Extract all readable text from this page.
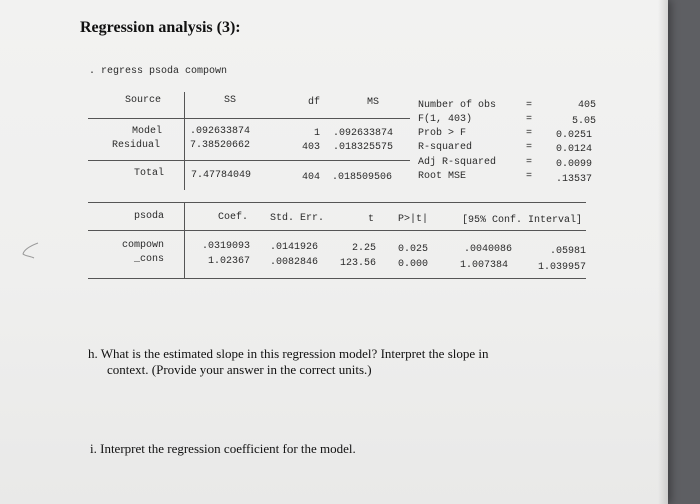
Regression analysis (3):
. regress psoda compown
Source	SS	df	MS
Model	.092633874	1 .092633874
Residual	7.38520662	403 .018325575
Total	7.47784049	404 .018509506
Number of obs	=	405
F(1, 403)	=	5.05
Prob > F	= 0.0251
R-squared	= 0.0124
Adj R-squared	= 0.0099
Root MSE	= .13537
psoda	Coef. Std. Err.	t P>|t|	[95% Conf. Interval]
compown	.0319093 .0141926	2.25 0.025	.0040086	.05981
_cons	1.02367 .0082846 123.56 0.000	1.007384	1.039957
h. What is the estimated slope in this regression model? Interpret the slope in
context. (Provide your answer in the correct units.)
i. Interpret the regression coefficient for the model.
